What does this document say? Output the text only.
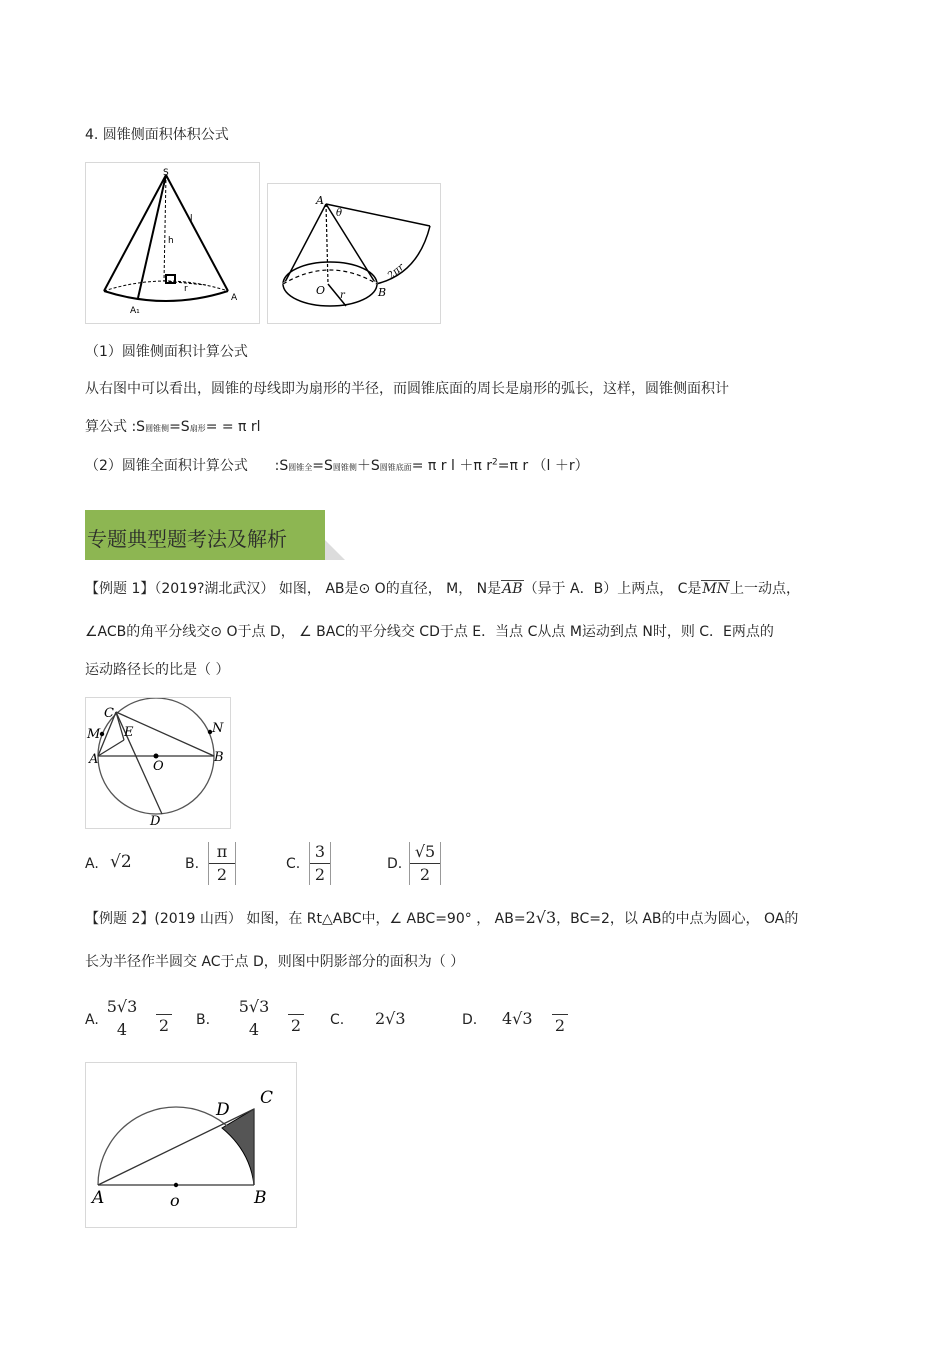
4. 圆锥侧面积体积公式
S
h
l
r
A
A₁
A
θ
2πr
O r	B
（1）圆锥侧面积计算公式
从右图中可以看出，圆锥的母线即为扇形的半径，而圆锥底面的周长是扇形的弧长，这样，圆锥侧面积计
算公式 :S圆锥侧=S扇形= = π rl
（2）圆锥全面积计算公式 :S圆锥全=S圆锥侧＋S圆锥底面= π r l ＋π $r^2=\pi$ r （l ＋r）
专题典型题考法及解析
【例题 1】（2019?湖北武汉） 如图， AB是⊙ O的直径， M， N是AB（异于 A．B）上两点， C是MN上一动点，
∠ACB的角平分线交⊙ O于点 D， ∠ BAC的平分线交 CD于点 E．当点 C从点 M运动到点 N时，则 C．E两点的
运动路径长的比是（ ）
C
M E	N
A	O
B
D
A. √2	B.
π
2
C.
3
2
D.
√5
2
【例题 2】(2019 山西） 如图，在 Rt△ABC中，∠ ABC=90° ， AB=2√3，BC=2，以 AB的中点为圆心， OA的
长为半径作半圆交 AC于点 D，则图中阴影部分的面积为（ ）
A.
5√3
4	2 B.
5√3
4	2 C. 2√3	D. 4√3 2
A	o	B
C
D
